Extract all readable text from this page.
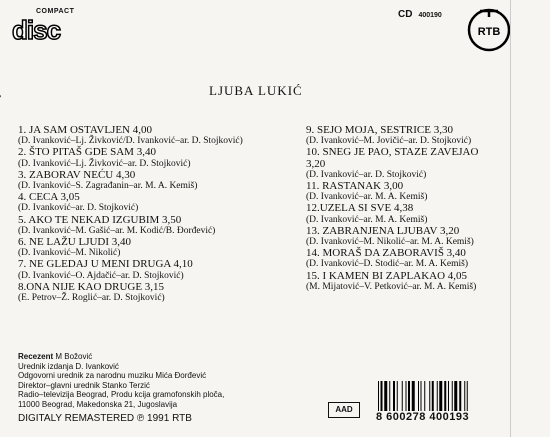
COMPACT
disc
CD 400190
RTB
LJUBA LUKIĆ
1. JA SAM OSTAVLJEN 4,00
(D. Ivanković–Lj. Živković/D. Ivanković–ar. D. Stojković)
2. ŠTO PITAŠ GDE SAM 3,40
(D. Ivanković–Lj. Živković–ar. D. Stojković)
3. ZABORAV NEĆU 4,30
(D. Ivanković–S. Zagrađanin–ar. M. A. Kemiš)
4. CECA 3,05
(D. Ivanković–ar. D. Stojković)
5. AKO TE NEKAD IZGUBIM 3,50
(D. Ivanković–M. Gašić–ar. M. Kodić/B. Đorđević)
6. NE LAŽU LJUDI 3,40
(D. Ivanković–M. Nikolić)
7. NE GLEDAJ U MENI DRUGA 4,10
(D. Ivanković–O. Ajdačić–ar. D. Stojković)
8.ONA NIJE KAO DRUGE 3,15
(E. Petrov–Ž. Roglić–ar. D. Stojković)
9. SEJO MOJA, SESTRICE 3,30
(D. Ivanković–M. Jovičić–ar. D. Stojković)
10. SNEG JE PAO, STAZE ZAVEJAO 3,20
(D. Ivanković–ar. D. Stojković)
11. RASTANAK 3,00
(D. Ivanković–ar. M. A. Kemiš)
12.UZELA SI SVE 4,38
(D. Ivanković–ar. M. A. Kemiš)
13. ZABRANJENA LJUBAV 3,20
(D. Ivanković–M. Nikolić–ar. M. A. Kemiš)
14. MORAŠ DA ZABORAVIŠ 3,40
(D. Ivanković–D. Stodić–ar. M. A. Kemiš)
15. I KAMEN BI ZAPLAKAO 4,05
(M. Mijatović–V. Petković–ar. M. A. Kemiš)
Recezent M Božović
Urednik izdanja D. Ivanković
Odgovorni urednik za narodnu muziku Mića Đorđević
Direktor–glavni urednik Stanko Terzić
Radio–televizija Beograd, Produ kcija gramofonskih ploča,
11000 Beograd, Makedonska 21, Jugoslavija
DIGITALY REMASTERED ℗ 1991 RTB
AAD
8 600278 400193
